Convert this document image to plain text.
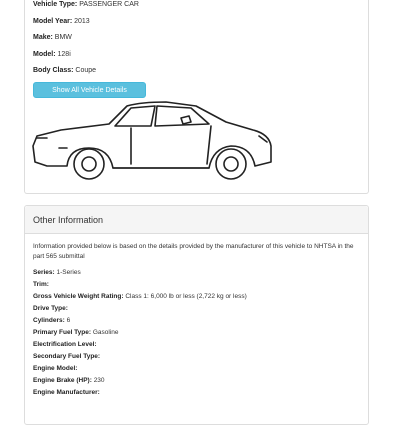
Vehicle Type: PASSENGER CAR
Model Year: 2013
Make: BMW
Model: 128i
Body Class: Coupe
Show All Vehicle Details
Other Information
Information provided below is based on the details provided by the manufacturer of this vehicle to NHTSA in the part 565 submittal
Series: 1-Series
Trim:
Gross Vehicle Weight Rating: Class 1: 6,000 lb or less (2,722 kg or less)
Drive Type:
Cylinders: 6
Primary Fuel Type: Gasoline
Electrification Level:
Secondary Fuel Type:
Engine Model:
Engine Brake (HP): 230
Engine Manufacturer:
